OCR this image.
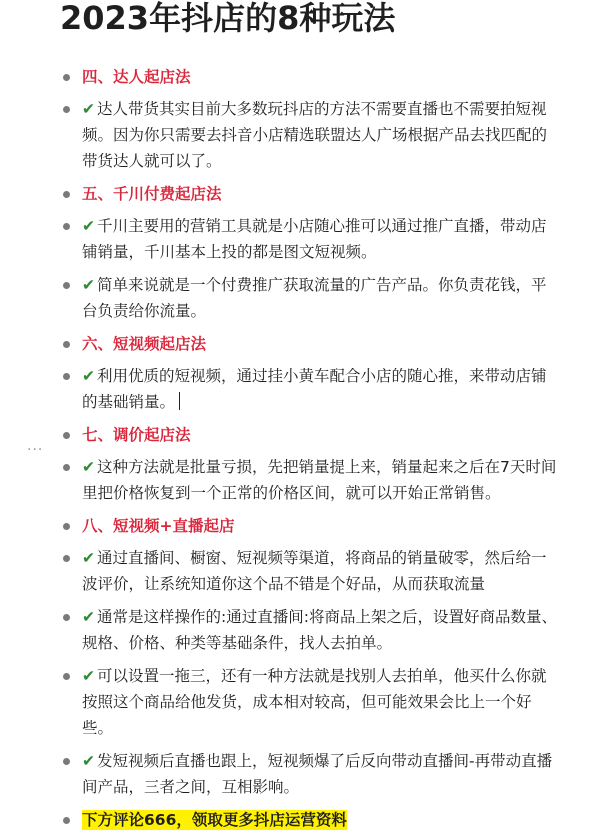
2023年抖店的8种玩法
···
四、达人起店法
✔ 达人带货其实目前大多数玩抖店的方法不需要直播也不需要拍短视频。因为你只需要去抖音小店精选联盟达人广场根据产品去找匹配的带货达人就可以了。
五、千川付费起店法
✔ 千川主要用的营销工具就是小店随心推可以通过推广直播，带动店铺销量，千川基本上投的都是图文短视频。
✔ 简单来说就是一个付费推广获取流量的广告产品。你负责花钱，平台负责给你流量。
六、短视频起店法
✔ 利用优质的短视频，通过挂小黄车配合小店的随心推，来带动店铺的基础销量。
七、调价起店法
✔ 这种方法就是批量亏损，先把销量提上来，销量起来之后在7天时间里把价格恢复到一个正常的价格区间，就可以开始正常销售。
八、短视频+直播起店
✔ 通过直播间、橱窗、短视频等渠道，将商品的销量破零，然后给一波评价，让系统知道你这个品不错是个好品，从而获取流量
✔ 通常是这样操作的:通过直播间:将商品上架之后，设置好商品数量、规格、价格、种类等基础条件，找人去拍单。
✔ 可以设置一拖三，还有一种方法就是找别人去拍单，他买什么你就按照这个商品给他发货，成本相对较高，但可能效果会比上一个好些。
✔ 发短视频后直播也跟上，短视频爆了后反向带动直播间-再带动直播间产品，三者之间，互相影响。
下方评论666，领取更多抖店运营资料
